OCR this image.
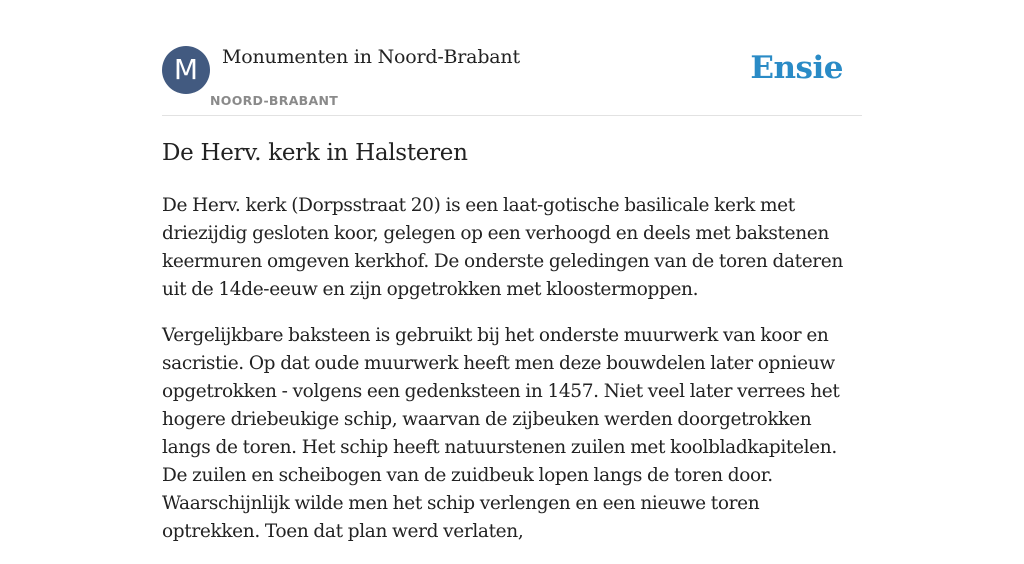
M	Monumenten in Noord-Brabant
NOORD-BRABANT
Ensie
De Herv. kerk in Halsteren

De Herv. kerk (Dorpsstraat 20) is een laat-gotische basilicale kerk met driezijdig gesloten koor, gelegen op een verhoogd en deels met bakstenen keermuren omgeven kerkhof. De onderste geledingen van de toren dateren uit de 14de-eeuw en zijn opgetrokken met kloostermoppen.

Vergelijkbare baksteen is gebruikt bij het onderste muurwerk van koor en sacristie. Op dat oude muurwerk heeft men deze bouwdelen later opnieuw opgetrokken - volgens een gedenksteen in 1457. Niet veel later verrees het hogere driebeukige schip, waarvan de zijbeuken werden doorgetrokken langs de toren. Het schip heeft natuurstenen zuilen met koolbladkapitelen. De zuilen en scheibogen van de zuidbeuk lopen langs de toren door. Waarschijnlijk wilde men het schip verlengen en een nieuwe toren optrekken. Toen dat plan werd verlaten,
